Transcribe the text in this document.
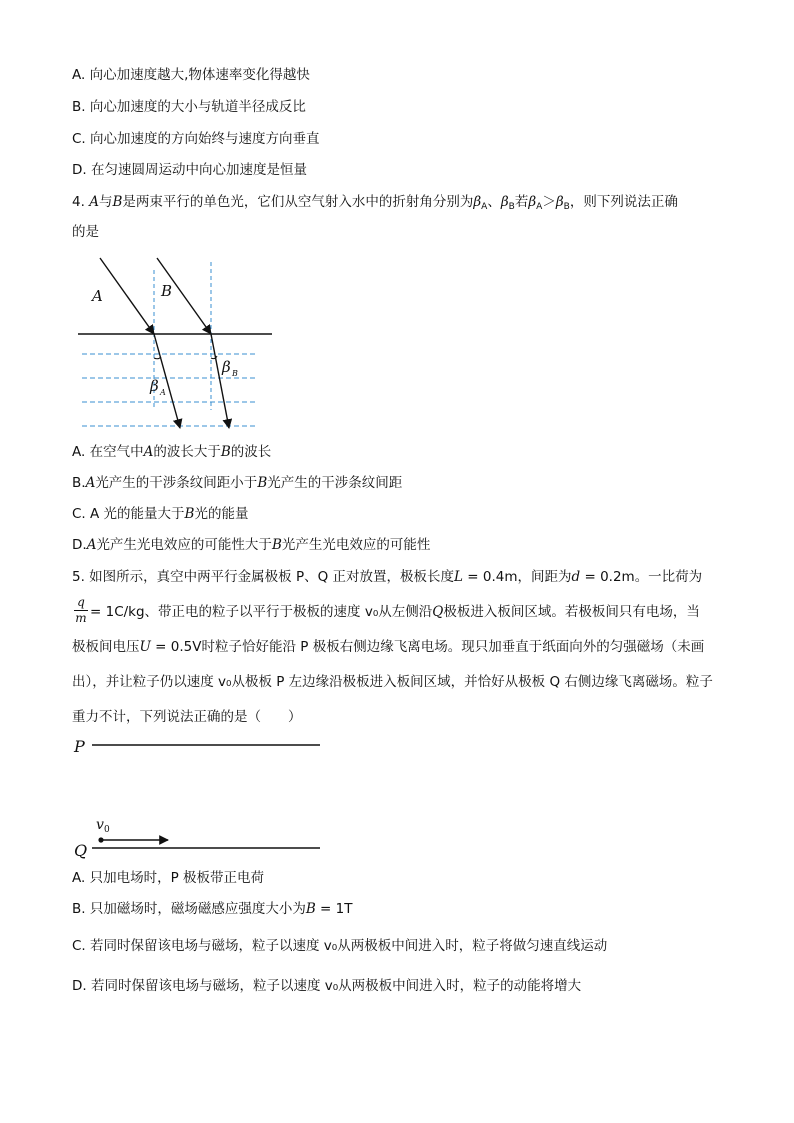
A. 向心加速度越大,物体速率变化得越快
B. 向心加速度的大小与轨道半径成反比
C. 向心加速度的方向始终与速度方向垂直
D. 在匀速圆周运动中向心加速度是恒量
4. A与B是两束平行的单色光，它们从空气射入水中的折射角分别为$\beta_A$、$\beta_B$若$\beta_A>\beta_B$，则下列说法正确
的是
A	B
β A
β B
A. 在空气中A的波长大于B的波长
B.A光产生的干涉条纹间距小于B光产生的干涉条纹间距
C. A 光的能量大于B光的能量
D.A光产生光电效应的可能性大于B光产生光电效应的可能性
5. 如图所示，真空中两平行金属极板 P、Q 正对放置，极板长度L = 0.4m，间距为d = 0.2m。一比荷为
q
m = 1C/kg、带正电的粒子以平行于极板的速度 v₀从左侧沿Q极板进入板间区域。若极板间只有电场，当
极板间电压U = 0.5V时粒子恰好能沿 P 极板右侧边缘飞离电场。现只加垂直于纸面向外的匀强磁场（未画
出），并让粒子仍以速度 v₀从极板 P 左边缘沿极板进入板间区域，并恰好从极板 Q 右侧边缘飞离磁场。粒子
重力不计，下列说法正确的是（　　）
P
Q
v 0
A. 只加电场时，P 极板带正电荷
B. 只加磁场时，磁场磁感应强度大小为B = 1T
C. 若同时保留该电场与磁场，粒子以速度 v₀从两极板中间进入时，粒子将做匀速直线运动
D. 若同时保留该电场与磁场，粒子以速度 v₀从两极板中间进入时，粒子的动能将增大
